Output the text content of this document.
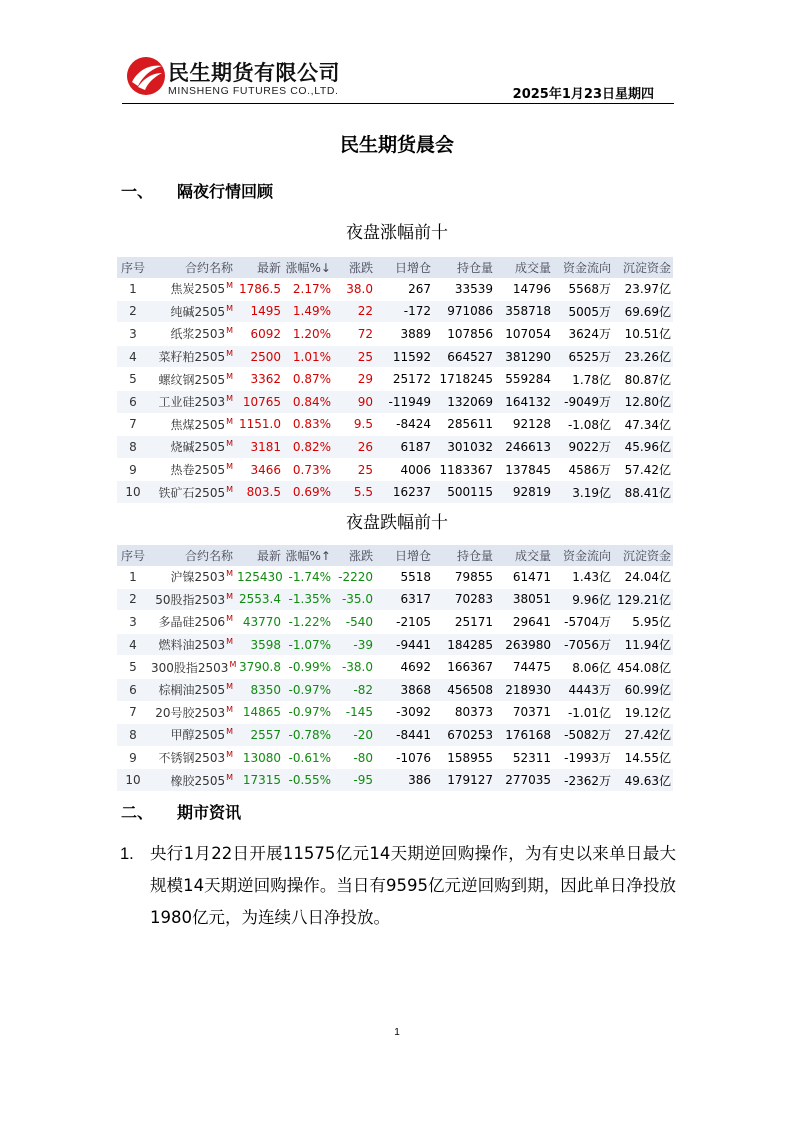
民生期货有限公司
MINSHENG FUTURES CO.,LTD.	2025年1月23日星期四
民生期货晨会
一、 隔夜行情回顾
夜盘涨幅前十
序号	合约名称	最新	涨幅%↓	涨跌	日增仓	持仓量	成交量	资金流向	沉淀资金
1	焦炭$2505^M$	1786.5	2.17%	38.0	267	33539	14796	5568万	23.97亿
2	纯碱$2505^M$	1495	1.49%	22	-172	971086	358718	5005万	69.69亿
3	纸浆$2503^M$	6092	1.20%	72	3889	107856	107054	3624万	10.51亿
4	菜籽粕$2505^M$	2500	1.01%	25	11592	664527	381290	6525万	23.26亿
5	螺纹钢$2505^M$	3362	0.87%	29	25172	1718245	559284	1.78亿	80.87亿
6	工业硅$2503^M$	10765	0.84%	90	-11949	132069	164132	-9049万	12.80亿
7	焦煤$2505^M$	1151.0	0.83%	9.5	-8424	285611	92128	-1.08亿	47.34亿
8	烧碱$2505^M$	3181	0.82%	26	6187	301032	246613	9022万	45.96亿
9	热卷$2505^M$	3466	0.73%	25	4006	1183367	137845	4586万	57.42亿
10	铁矿石$2505^M$	803.5	0.69%	5.5	16237	500115	92819	3.19亿	88.41亿
夜盘跌幅前十
序号	合约名称	最新	涨幅%↑	涨跌	日增仓	持仓量	成交量	资金流向	沉淀资金
1	沪镍$2503^M$	125430	-1.74%	-2220	5518	79855	61471	1.43亿	24.04亿
2	50股指$2503^M$	2553.4	-1.35%	-35.0	6317	70283	38051	9.96亿	129.21亿
3	多晶硅$2506^M$	43770	-1.22%	-540	-2105	25171	29641	-5704万	5.95亿
4	燃料油$2503^M$	3598	-1.07%	-39	-9441	184285	263980	-7056万	11.94亿
5	300股指$2503^M$	3790.8	-0.99%	-38.0	4692	166367	74475	8.06亿	454.08亿
6	棕榈油$2505^M$	8350	-0.97%	-82	3868	456508	218930	4443万	60.99亿
7	20号胶$2503^M$	14865	-0.97%	-145	-3092	80373	70371	-1.01亿	19.12亿
8	甲醇$2505^M$	2557	-0.78%	-20	-8441	670253	176168	-5082万	27.42亿
9	不锈钢$2503^M$	13080	-0.61%	-80	-1076	158955	52311	-1993万	14.55亿
10	橡胶$2505^M$	17315	-0.55%	-95	386	179127	277035	-2362万	49.63亿
二、 期市资讯
1. 央行1月22日开展11575亿元14天期逆回购操作，为有史以来单日最大规模14天期逆回购操作。当日有9595亿元逆回购到期，因此单日净投放1980亿元，为连续八日净投放。
1
